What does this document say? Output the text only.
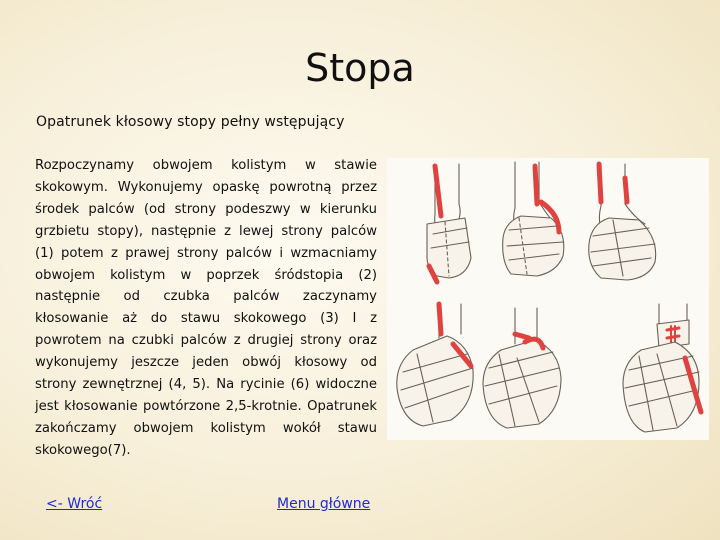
Stopa
Opatrunek kłosowy stopy pełny wstępujący
Rozpoczynamy obwojem kolistym w stawie skokowym. Wykonujemy opaskę powrotną przez środek palców (od strony podeszwy w kierunku grzbietu stopy), następnie z lewej strony palców (1) potem z prawej strony palców i wzmacniamy obwojem kolistym w poprzek śródstopia (2) następnie od czubka palców zaczynamy kłosowanie aż do stawu skokowego (3) I z powrotem na czubki palców z drugiej strony oraz wykonujemy jeszcze jeden obwój kłosowy od strony zewnętrznej (4, 5). Na rycinie (6) widoczne jest kłosowanie powtórzone 2,5-krotnie. Opatrunek zakończamy obwojem kolistym wokół stawu skokowego(7).
<- Wróć	Menu główne
